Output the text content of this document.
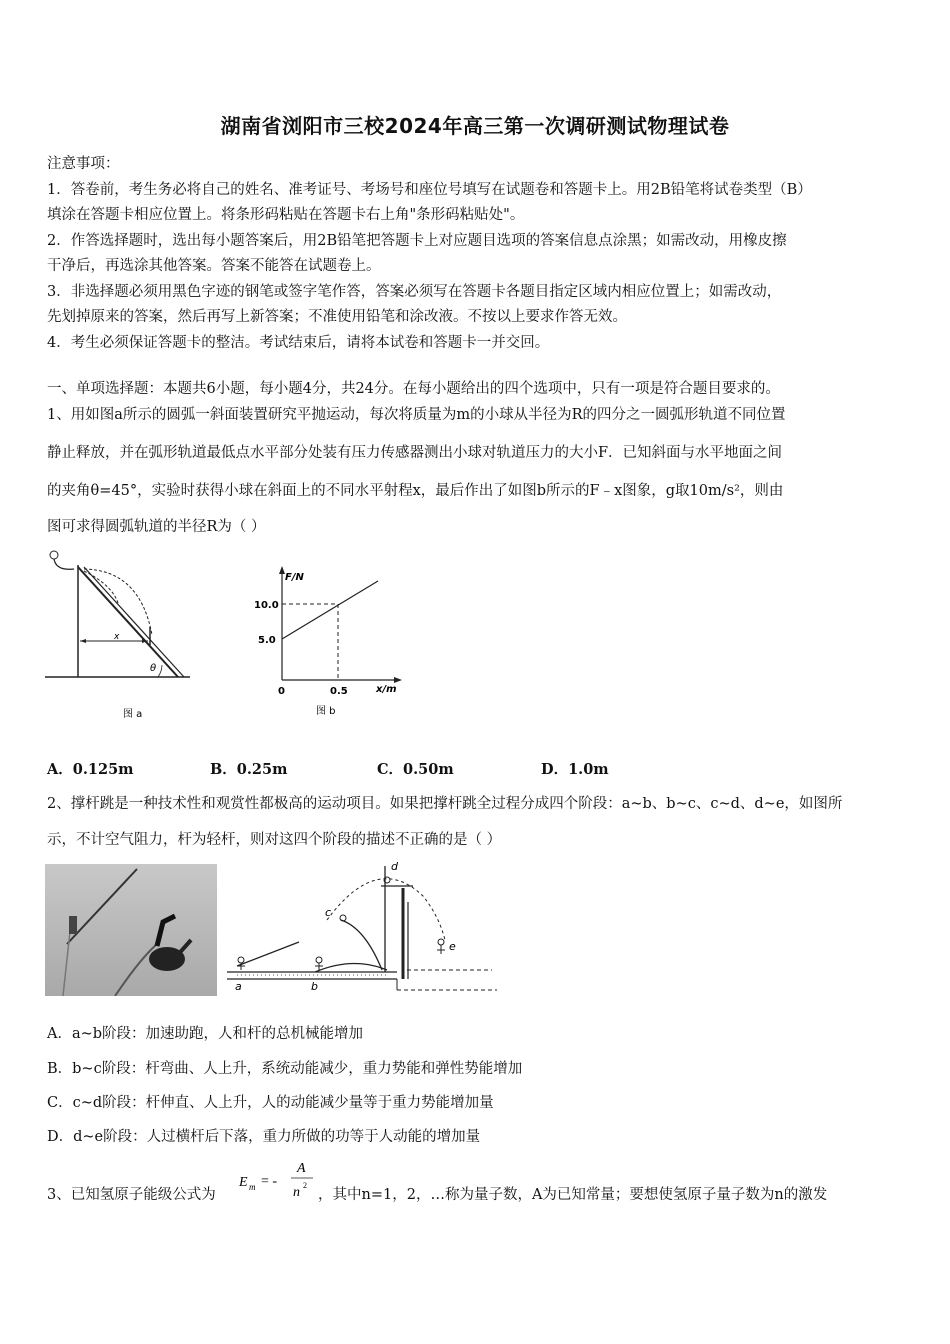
湖南省浏阳市三校2024年高三第一次调研测试物理试卷
注意事项：
1．答卷前，考生务必将自己的姓名、准考证号、考场号和座位号填写在试题卷和答题卡上。用2B铅笔将试卷类型（B）
填涂在答题卡相应位置上。将条形码粘贴在答题卡右上角"条形码粘贴处"。
2．作答选择题时，选出每小题答案后，用2B铅笔把答题卡上对应题目选项的答案信息点涂黑；如需改动，用橡皮擦
干净后，再选涂其他答案。答案不能答在试题卷上。
3．非选择题必须用黑色字迹的钢笔或签字笔作答，答案必须写在答题卡各题目指定区域内相应位置上；如需改动，
先划掉原来的答案，然后再写上新答案；不准使用铅笔和涂改液。不按以上要求作答无效。
4．考生必须保证答题卡的整洁。考试结束后，请将本试卷和答题卡一并交回。
一、单项选择题：本题共6小题，每小题4分，共24分。在每小题给出的四个选项中，只有一项是符合题目要求的。
1、用如图a所示的圆弧一斜面装置研究平抛运动，每次将质量为m的小球从半径为R的四分之一圆弧形轨道不同位置
静止释放，并在弧形轨道最低点水平部分处装有压力传感器测出小球对轨道压力的大小F．已知斜面与水平地面之间
的夹角θ=45°，实验时获得小球在斜面上的不同水平射程x，最后作出了如图b所示的F﹣x图象，g取10m/s²，则由
图可求得圆弧轨道的半径R为（ ）
x
θ
图 a
F/N
x/m
10.0
5.0
0	0.5
图 b
A．0.125m	B．0.25m	C．0.50m	D．1.0m
2、撑杆跳是一种技术性和观赏性都极高的运动项目。如果把撑杆跳全过程分成四个阶段：a~b、b~c、c~d、d~e，如图所
示，不计空气阻力，杆为轻杆，则对这四个阶段的描述不正确的是（ ）
a	b
c
d
e
A．a~b阶段：加速助跑，人和杆的总机械能增加
B．b~c阶段：杆弯曲、人上升，系统动能减少，重力势能和弹性势能增加
C．c~d阶段：杆伸直、人上升，人的动能减少量等于重力势能增加量
D．d~e阶段：人过横杆后下落，重力所做的功等于人动能的增加量
3、已知氢原子能级公式为
E m = -
A
n 2
，其中n=1，2，…称为量子数，A为已知常量；要想使氢原子量子数为n的激发
